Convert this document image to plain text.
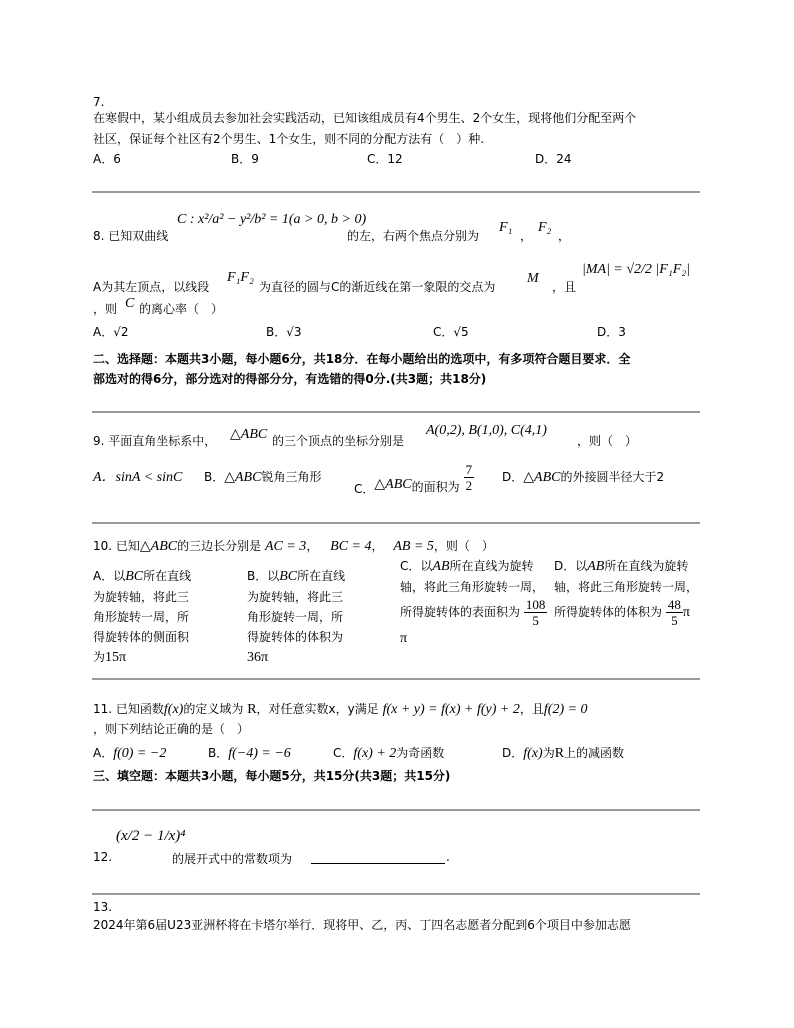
7.
在寒假中，某小组成员去参加社会实践活动，已知该组成员有4个男生、2个女生，现将他们分配至两个
社区，保证每个社区有2个男生、1个女生，则不同的分配方法有（　）种.
A．6	B．9	C．12	D．24
8. 已知双曲线
C : x²/a² − y²/b² = 1(a > 0, b > 0)
的左，右两个焦点分别为
F₁
，
F₂
，
A为其左顶点，以线段
F₁F₂
为直径的圆与C的渐近线在第一象限的交点为
M
，且
|MA| = √2/2 |F₁F₂|
，则 C 的离心率（　）
A．√2	B．√3	C．√5	D．3
二、选择题：本题共3小题，每小题6分，共18分．在每小题给出的选项中，有多项符合题目要求．全
部选对的得6分，部分选对的得部分分，有选错的得0分.(共3题；共18分)
9. 平面直角坐标系中， △ABC 的三个顶点的坐标分别是
A(0,2), B(1,0), C(4,1)
，则（　）
A．sinA < sinC B．△ABC锐角三角形
C． △ABC 的面积为 $\frac{7}{2}$ D．△ABC的外接圆半径大于2
10. 已知△ABC的三边长分别是 AC = 3， BC = 4， AB = 5，则（　）
A．以BC所在直线为旋转轴，将此三角形旋转一周，所得旋转体的侧面积为15π
B．以BC所在直线为旋转轴，将此三角形旋转一周，所得旋转体的体积为36π
C．以AB所在直线为旋转轴，将此三角形旋转一周，所得旋转体的表面积为 $\frac{108}{5}$
π
D．以AB所在直线为旋转轴，将此三角形旋转一周，所得旋转体的体积为 $\frac{48}{5}$ π
11. 已知函数f(x)的定义域为 R，对任意实数x，y满足 f(x + y) = f(x) + f(y) + 2，且f(2) = 0
，则下列结论正确的是（　）
A．f(0) = −2	B．f(−4) = −6	C．f(x) + 2为奇函数	D．f(x)为R上的减函数
三、填空题：本题共3小题，每小题5分，共15分(共3题；共15分)
12.
(x/2 − 1/x)⁴
的展开式中的常数项为	.
13.
2024年第6届U23亚洲杯将在卡塔尔举行．现将甲、乙，丙、丁四名志愿者分配到6个项目中参加志愿
